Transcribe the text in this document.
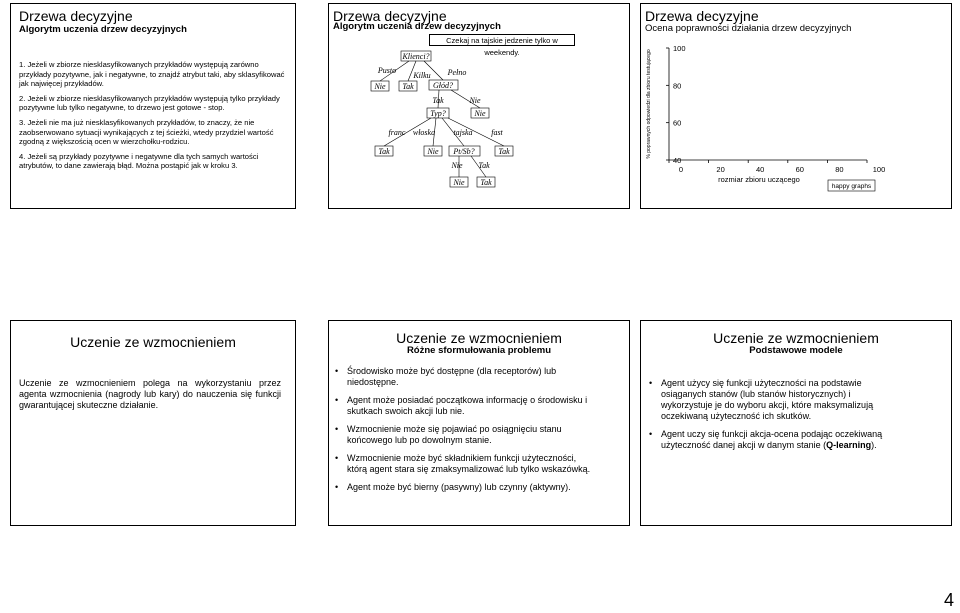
Drzewa decyzyjne
Algorytm uczenia drzew decyzyjnych
1. Jeżeli w zbiorze niesklasyfikowanych przykładów występują zarówno przykłady pozytywne, jak i negatywne, to znajdź atrybut taki, aby sklasyfikować jak najwięcej przykładów.
2. Jeżeli w zbiorze niesklasyfikowanych przykładów występują tylko przykłady pozytywne lub tylko negatywne, to drzewo jest gotowe - stop.
3. Jeżeli nie ma już niesklasyfikowanych przykładów, to znaczy, że nie zaobserwowano sytuacji wynikających z tej ścieżki, wtedy przydziel wartość zgodną z większością ocen w wierzchołku-rodzicu.
4. Jeżeli są przykłady pozytywne i negatywne dla tych samych wartości atrybutów, to dane zawierają błąd. Można postąpić jak w kroku 3.
Drzewa decyzyjne
Algorytm uczenia drzew decyzyjnych
Czekaj na tajskie jedzenie tylko w weekendy.
Klienci?
Pusto
Kilku Pełno
Nie Tak Głód?
Tak	Nie
Typ?	Nie
franc włoska tajska fast
Tak	Nie Pt/Sb?	Tak
Nie Tak
Nie Tak
Drzewa decyzyjne
Ocena poprawności działania drzew decyzyjnych
40
60
80
100
0	20	40	60	80	100
% poprawnych odpowiedzi dla zbioru testującego
rozmiar zbioru uczącego
happy graphs
Uczenie ze wzmocnieniem

Uczenie ze wzmocnieniem polega na wykorzystaniu przez agenta wzmocnienia (nagrody lub kary) do nauczenia się funkcji gwarantującej skuteczne działanie.

Uczenie ze wzmocnieniem
Różne sformułowania problemu
• Środowisko może być dostępne (dla receptorów) lub niedostępne.
• Agent może posiadać początkowa informację o środowisku i skutkach swoich akcji lub nie.
• Wzmocnienie może się pojawiać po osiągnięciu stanu końcowego lub po dowolnym stanie.
• Wzmocnienie może być składnikiem funkcji użyteczności, którą agent stara się zmaksymalizować lub tylko wskazówką.
• Agent może być bierny (pasywny) lub czynny (aktywny).
Uczenie ze wzmocnieniem
Podstawowe modele
• Agent użycy się funkcji użyteczności na podstawie osiąganych stanów (lub stanów historycznych) i wykorzystuje je do wyboru akcji, które maksymalizują oczekiwaną użyteczność ich skutków.
• Agent uczy się funkcji akcja-ocena podając oczekiwaną użyteczność danej akcji w danym stanie (Q-learning).
4
